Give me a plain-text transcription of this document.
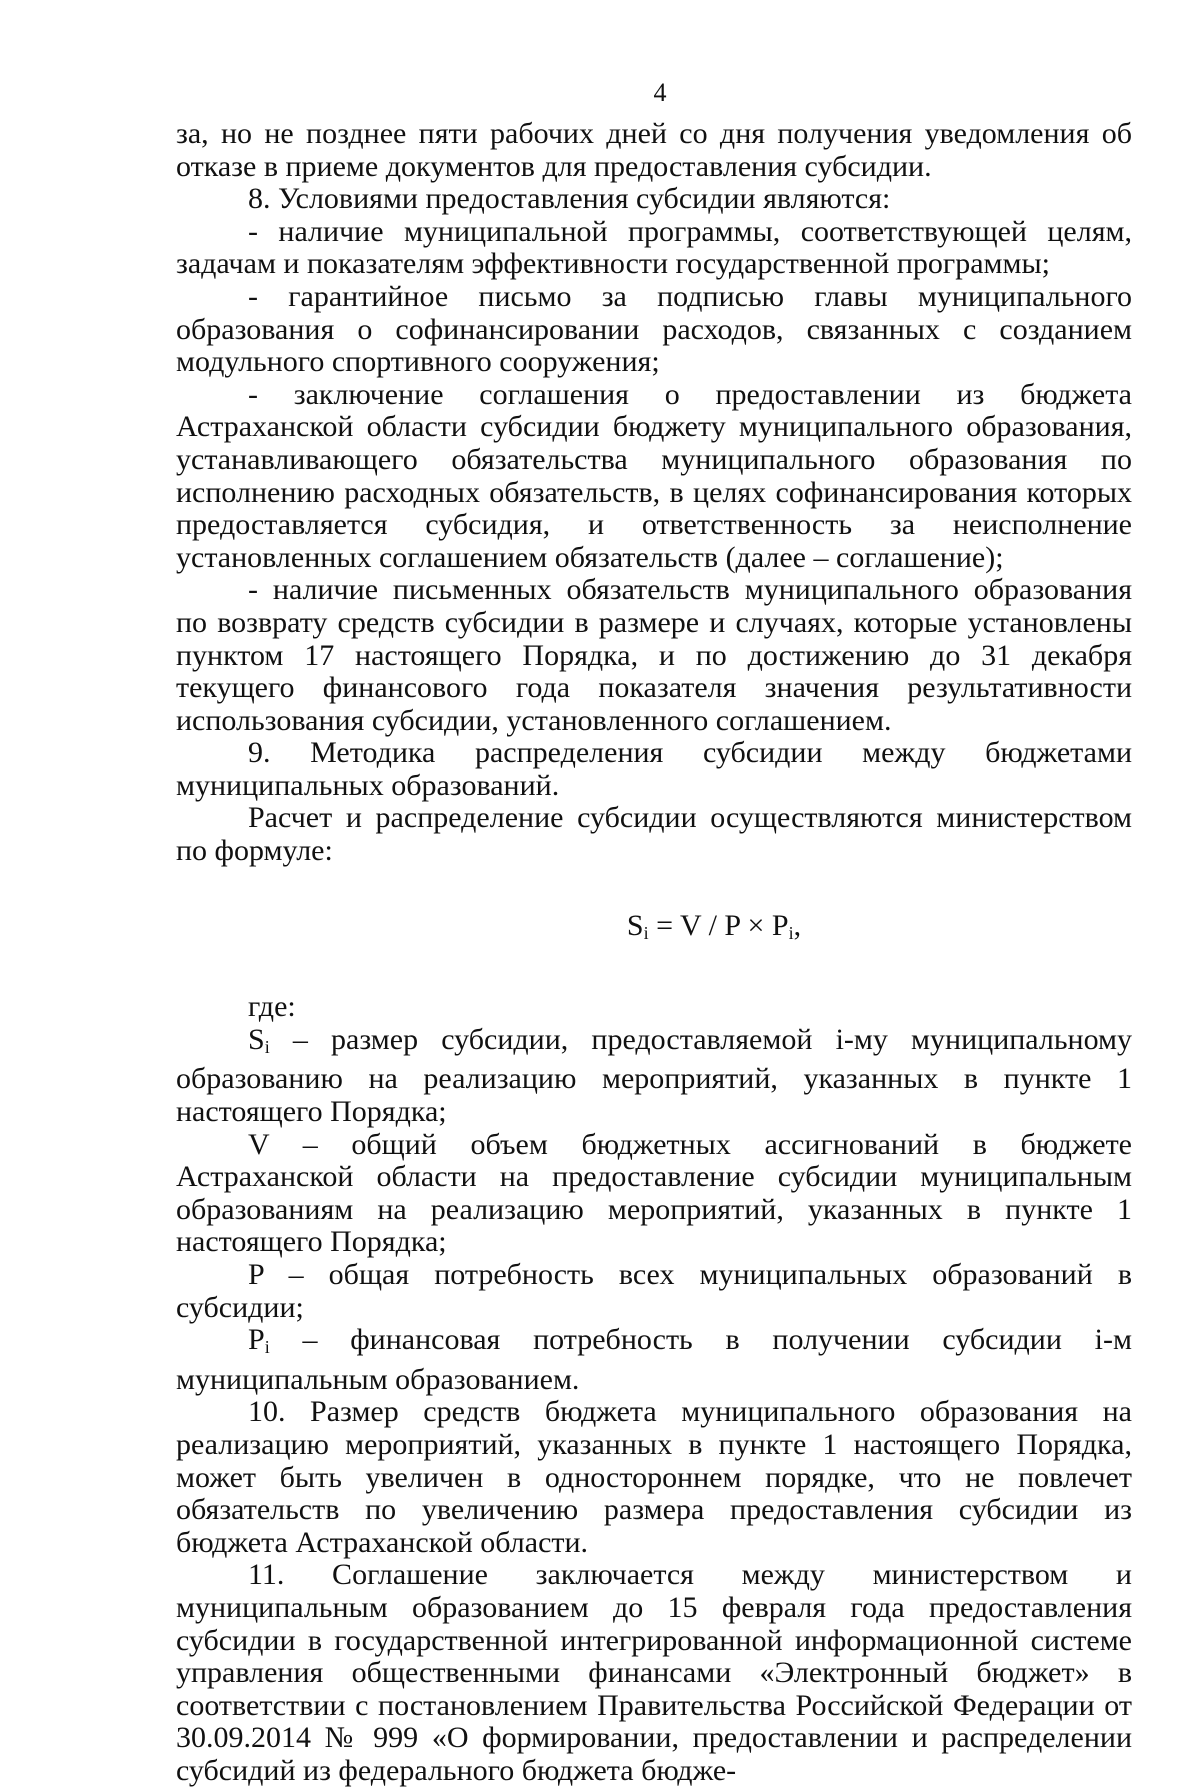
4

за, но не позднее пяти рабочих дней со дня получения уведомления об отказе в приеме документов для предоставления субсидии.

8. Условиями предоставления субсидии являются:

- наличие муниципальной программы, соответствующей целям, задачам и показателям эффективности государственной программы;

- гарантийное письмо за подписью главы муниципального образования о софинансировании расходов, связанных с созданием модульного спортивного сооружения;

- заключение соглашения о предоставлении из бюджета Астраханской области субсидии бюджету муниципального образования, устанавливающего обязательства муниципального образования по исполнению расходных обязательств, в целях софинансирования которых предоставляется субсидия, и ответственность за неисполнение установленных соглашением обязательств (далее – соглашение);

- наличие письменных обязательств муниципального образования по возврату средств субсидии в размере и случаях, которые установлены пунктом 17 настоящего Порядка, и по достижению до 31 декабря текущего финансового года показателя значения результативности использования субсидии, установленного соглашением.

9. Методика распределения субсидии между бюджетами муниципальных образований.

Расчет и распределение субсидии осуществляются министерством по формуле:

$S_i = V / P \times P_i$,

где:

Si – размер субсидии, предоставляемой i-му муниципальному образованию на реализацию мероприятий, указанных в пункте 1 настоящего Порядка;

V – общий объем бюджетных ассигнований в бюджете Астраханской области на предоставление субсидии муниципальным образованиям на реализацию мероприятий, указанных в пункте 1 настоящего Порядка;

P – общая потребность всех муниципальных образований в субсидии;

Pi – финансовая потребность в получении субсидии i-м муниципальным образованием.

10. Размер средств бюджета муниципального образования на реализацию мероприятий, указанных в пункте 1 настоящего Порядка, может быть увеличен в одностороннем порядке, что не повлечет обязательств по увеличению размера предоставления субсидии из бюджета Астраханской области.

11. Соглашение заключается между министерством и муниципальным образованием до 15 февраля года предоставления субсидии в государственной интегрированной информационной системе управления общественными финансами «Электронный бюджет» в соответствии с постановлением Правительства Российской Федерации от 30.09.2014 № 999 «О формировании, предоставлении и распределении субсидий из федерального бюджета бюдже-
